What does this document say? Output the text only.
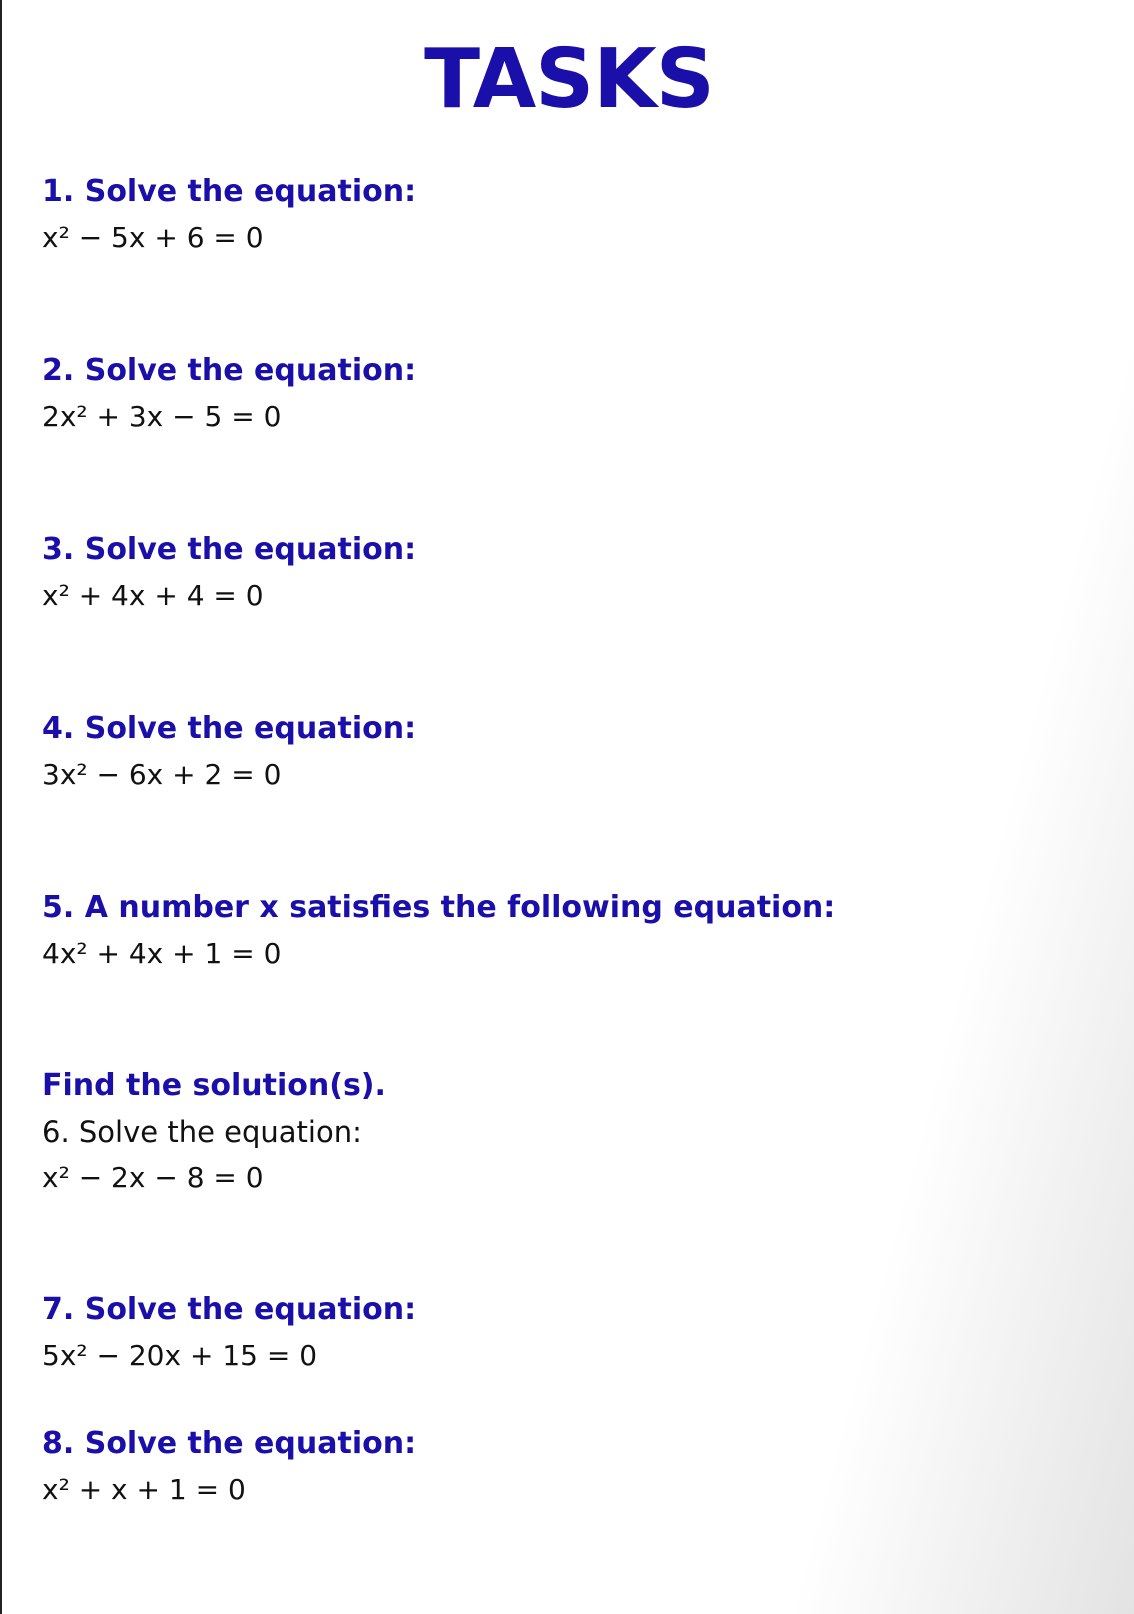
TASKS
1. Solve the equation:
x² − 5x + 6 = 0
2. Solve the equation:
2x² + 3x − 5 = 0
3. Solve the equation:
x² + 4x + 4 = 0
4. Solve the equation:
3x² − 6x + 2 = 0
5. A number x satisfies the following equation:
4x² + 4x + 1 = 0
Find the solution(s).
6. Solve the equation:
x² − 2x − 8 = 0
7. Solve the equation:
5x² − 20x + 15 = 0
8. Solve the equation:
x² + x + 1 = 0
